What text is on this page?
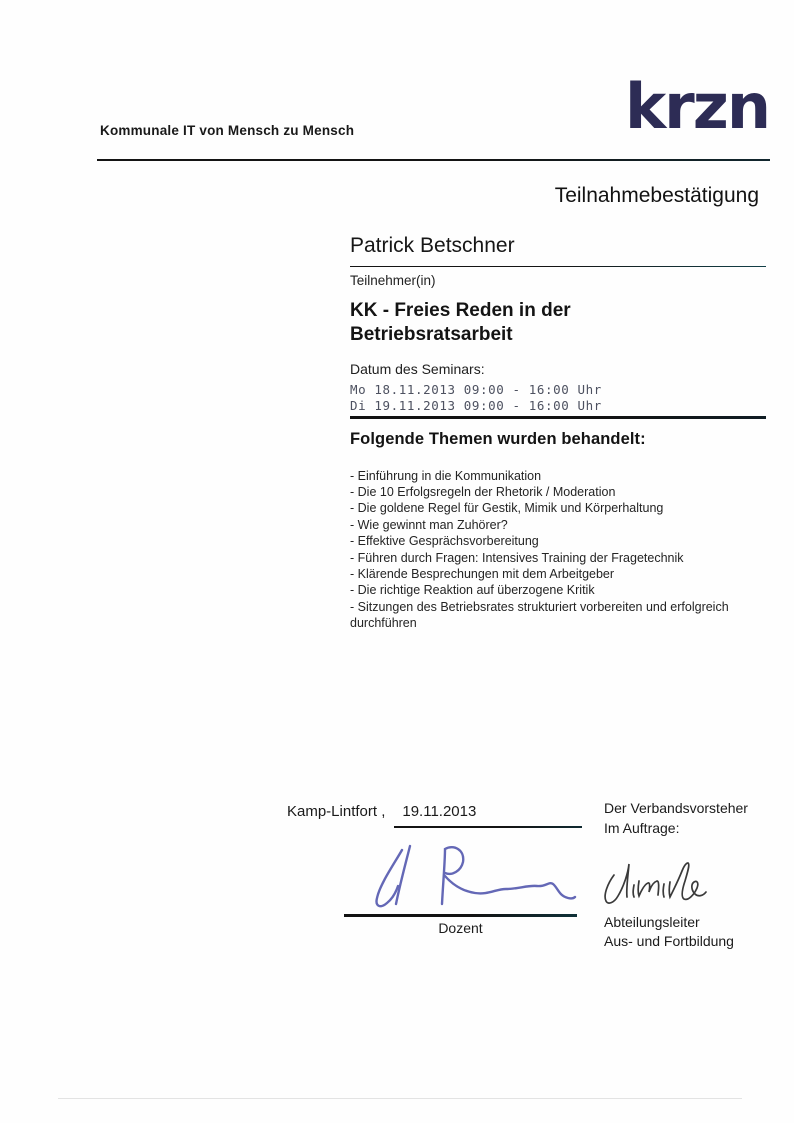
Kommunale IT von Mensch zu Mensch	krzn
Teilnahmebestätigung
Patrick Betschner
Teilnehmer(in)
KK - Freies Reden in der
Betriebsratsarbeit
Datum des Seminars:
Mo 18.11.2013 09:00 - 16:00 Uhr
Di 19.11.2013 09:00 - 16:00 Uhr
Folgende Themen wurden behandelt:
- Einführung in die Kommunikation
- Die 10 Erfolgsregeln der Rhetorik / Moderation
- Die goldene Regel für Gestik, Mimik und Körperhaltung
- Wie gewinnt man Zuhörer?
- Effektive Gesprächsvorbereitung
- Führen durch Fragen: Intensives Training der Fragetechnik
- Klärende Besprechungen mit dem Arbeitgeber
- Die richtige Reaktion auf überzogene Kritik
- Sitzungen des Betriebsrates strukturiert vorbereiten und erfolgreich durchführen
Kamp-Lintfort ,	19.11.2013
Dozent
Der Verbandsvorsteher
Im Auftrage:
Abteilungsleiter
Aus- und Fortbildung
